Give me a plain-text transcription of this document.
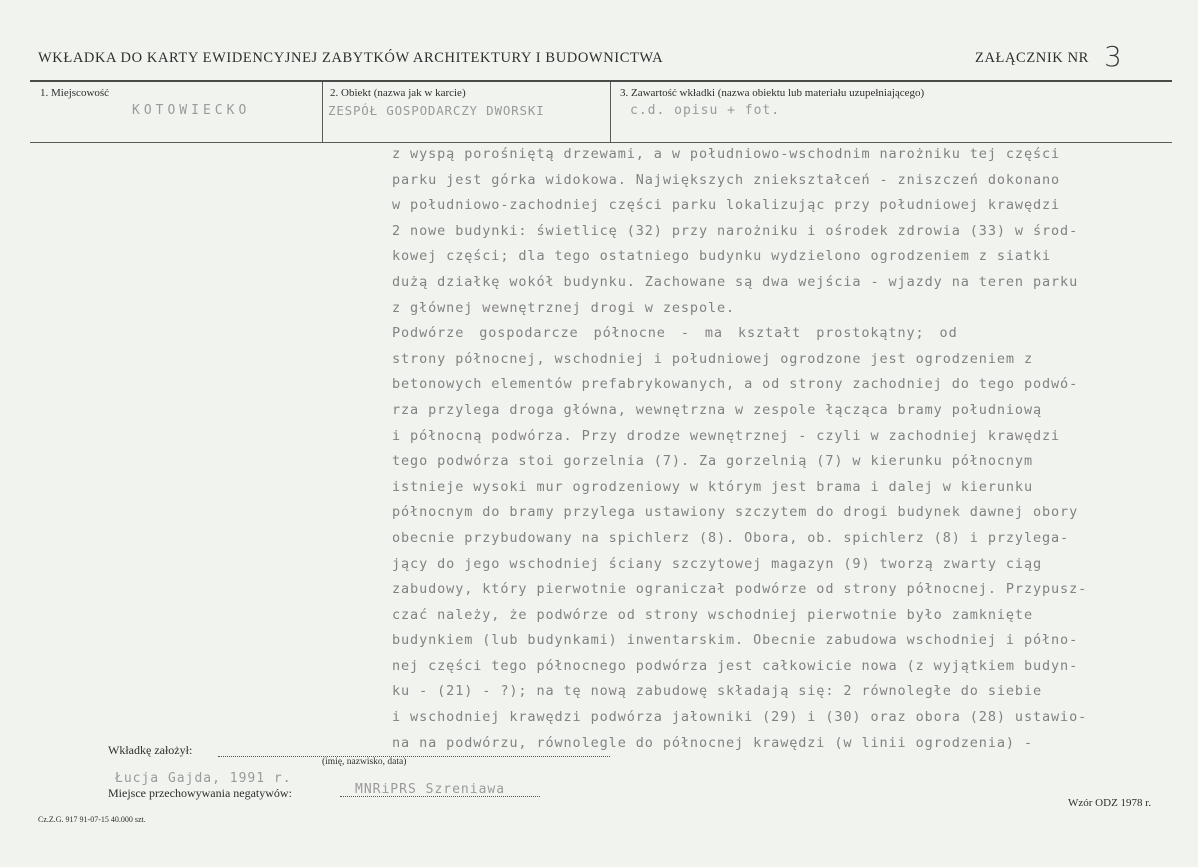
WKŁADKA DO KARTY EWIDENCYJNEJ ZABYTKÓW ARCHITEKTURY I BUDOWNICTWA	ZAŁĄCZNIK NR 3
1. Miejscowość
KOTOWIECKO
2. Obiekt (nazwa jak w karcie)
ZESPÓŁ GOSPODARCZY DWORSKI
3. Zawartość wkładki (nazwa obiektu lub materiału uzupełniającego)
c.d. opisu + fot.
z wyspą porośniętą drzewami, a w południowo-wschodnim narożniku tej części
parku jest górka widokowa. Największych zniekształceń - zniszczeń dokonano
w południowo-zachodniej części parku lokalizując przy południowej krawędzi
2 nowe budynki: świetlicę (32) przy narożniku i ośrodek zdrowia (33) w środ-
kowej części; dla tego ostatniego budynku wydzielono ogrodzeniem z siatki
dużą działkę wokół budynku. Zachowane są dwa wejścia - wjazdy na teren parku
z głównej wewnętrznej drogi w zespole.
Podwórze gospodarcze północne - ma kształt prostokątny; od
strony północnej, wschodniej i południowej ogrodzone jest ogrodzeniem z
betonowych elementów prefabrykowanych, a od strony zachodniej do tego podwó-
rza przylega droga główna, wewnętrzna w zespole łącząca bramy południową
i północną podwórza. Przy drodze wewnętrznej - czyli w zachodniej krawędzi
tego podwórza stoi gorzelnia (7). Za gorzelnią (7) w kierunku północnym
istnieje wysoki mur ogrodzeniowy w którym jest brama i dalej w kierunku
północnym do bramy przylega ustawiony szczytem do drogi budynek dawnej obory
obecnie przybudowany na spichlerz (8). Obora, ob. spichlerz (8) i przylega-
jący do jego wschodniej ściany szczytowej magazyn (9) tworzą zwarty ciąg
zabudowy, który pierwotnie ograniczał podwórze od strony północnej. Przypusz-
czać należy, że podwórze od strony wschodniej pierwotnie było zamknięte
budynkiem (lub budynkami) inwentarskim. Obecnie zabudowa wschodniej i półno-
nej części tego północnego podwórza jest całkowicie nowa (z wyjątkiem budyn-
ku - (21) - ?); na tę nową zabudowę składają się: 2 równoległe do siebie
i wschodniej krawędzi podwórza jałowniki (29) i (30) oraz obora (28) ustawio-
na na podwórzu, równolegle do północnej krawędzi (w linii ogrodzenia) -
Wkładkę założył:
(imię, nazwisko, data)
Łucja Gajda, 1991 r.
Miejsce przechowywania negatywów:	MNRiPRS Szreniawa
Wzór ODZ 1978 r.
Cz.Z.G. 917 91-07-15 40.000 szt.
